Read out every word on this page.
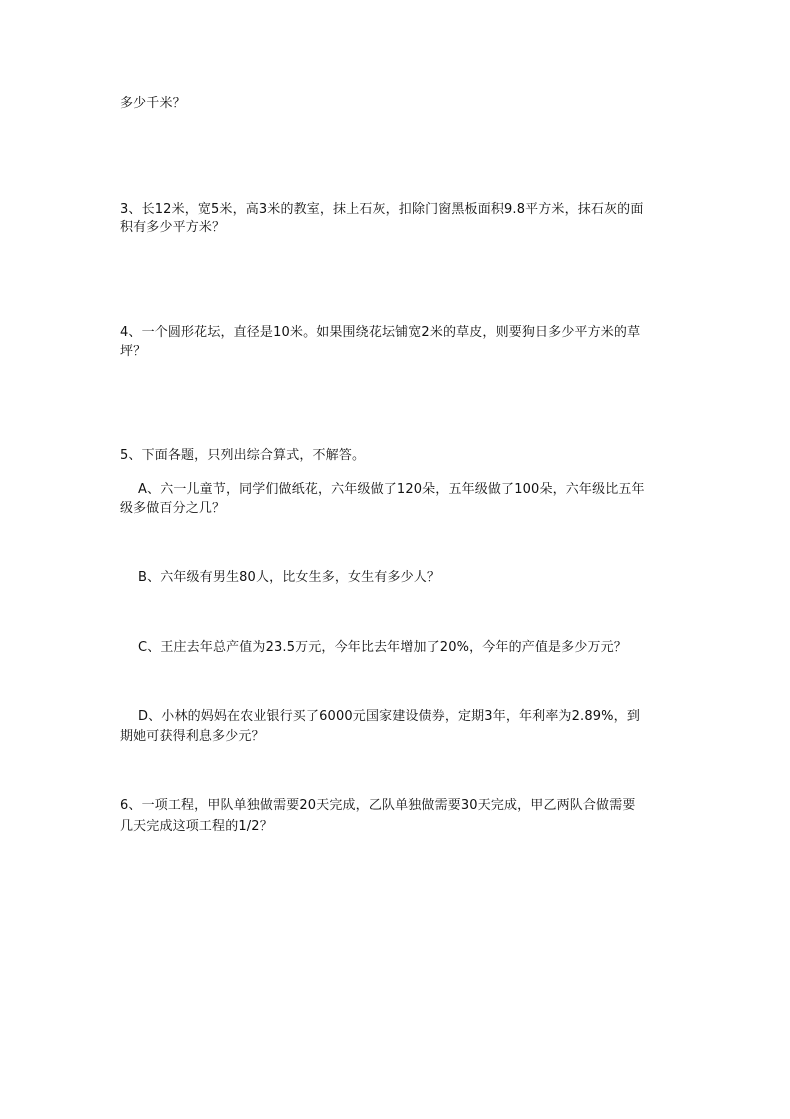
多少千米？
3、长12米，宽5米，高3米的教室，抹上石灰，扣除门窗黑板面积9.8平方米，抹石灰的面
积有多少平方米？
4、一个圆形花坛，直径是10米。如果围绕花坛铺宽2米的草皮，则要狗日多少平方米的草
坪？
5、下面各题，只列出综合算式，不解答。
A、六一儿童节，同学们做纸花，六年级做了120朵，五年级做了100朵，六年级比五年
级多做百分之几？
B、六年级有男生80人，比女生多，女生有多少人？
C、王庄去年总产值为23.5万元，今年比去年增加了20%，今年的产值是多少万元？
D、小林的妈妈在农业银行买了6000元国家建设债券，定期3年，年利率为2.89%，到
期她可获得利息多少元？
6、一项工程，甲队单独做需要20天完成，乙队单独做需要30天完成，甲乙两队合做需要
几天完成这项工程的1/2？
